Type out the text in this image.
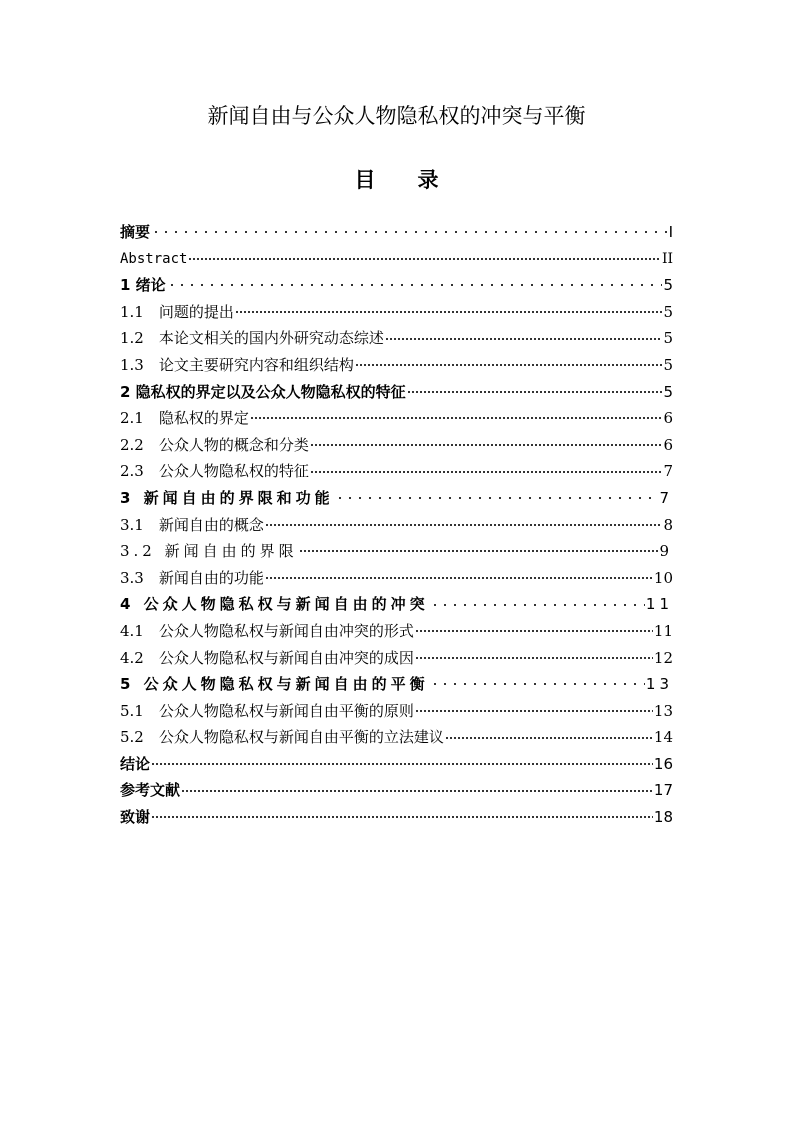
新闻自由与公众人物隐私权的冲突与平衡
目录
摘要	I
Abstract	II
1 绪论	5
1.1　问题的提出	5
1.2　本论文相关的国内外研究动态综述	5
1.3　论文主要研究内容和组织结构	5
2 隐私权的界定以及公众人物隐私权的特征	5
2.1　隐私权的界定	6
2.2　公众人物的概念和分类	6
2.3　公众人物隐私权的特征	7
3 新闻自由的界限和功能	7
3.1　新闻自由的概念	8
3.2 新闻自由的界限	9
3.3　新闻自由的功能	10
4 公众人物隐私权与新闻自由的冲突	11
4.1　公众人物隐私权与新闻自由冲突的形式	11
4.2　公众人物隐私权与新闻自由冲突的成因	12
5 公众人物隐私权与新闻自由的平衡	13
5.1　公众人物隐私权与新闻自由平衡的原则	13
5.2　公众人物隐私权与新闻自由平衡的立法建议	14
结论	16
参考文献	17
致谢	18
